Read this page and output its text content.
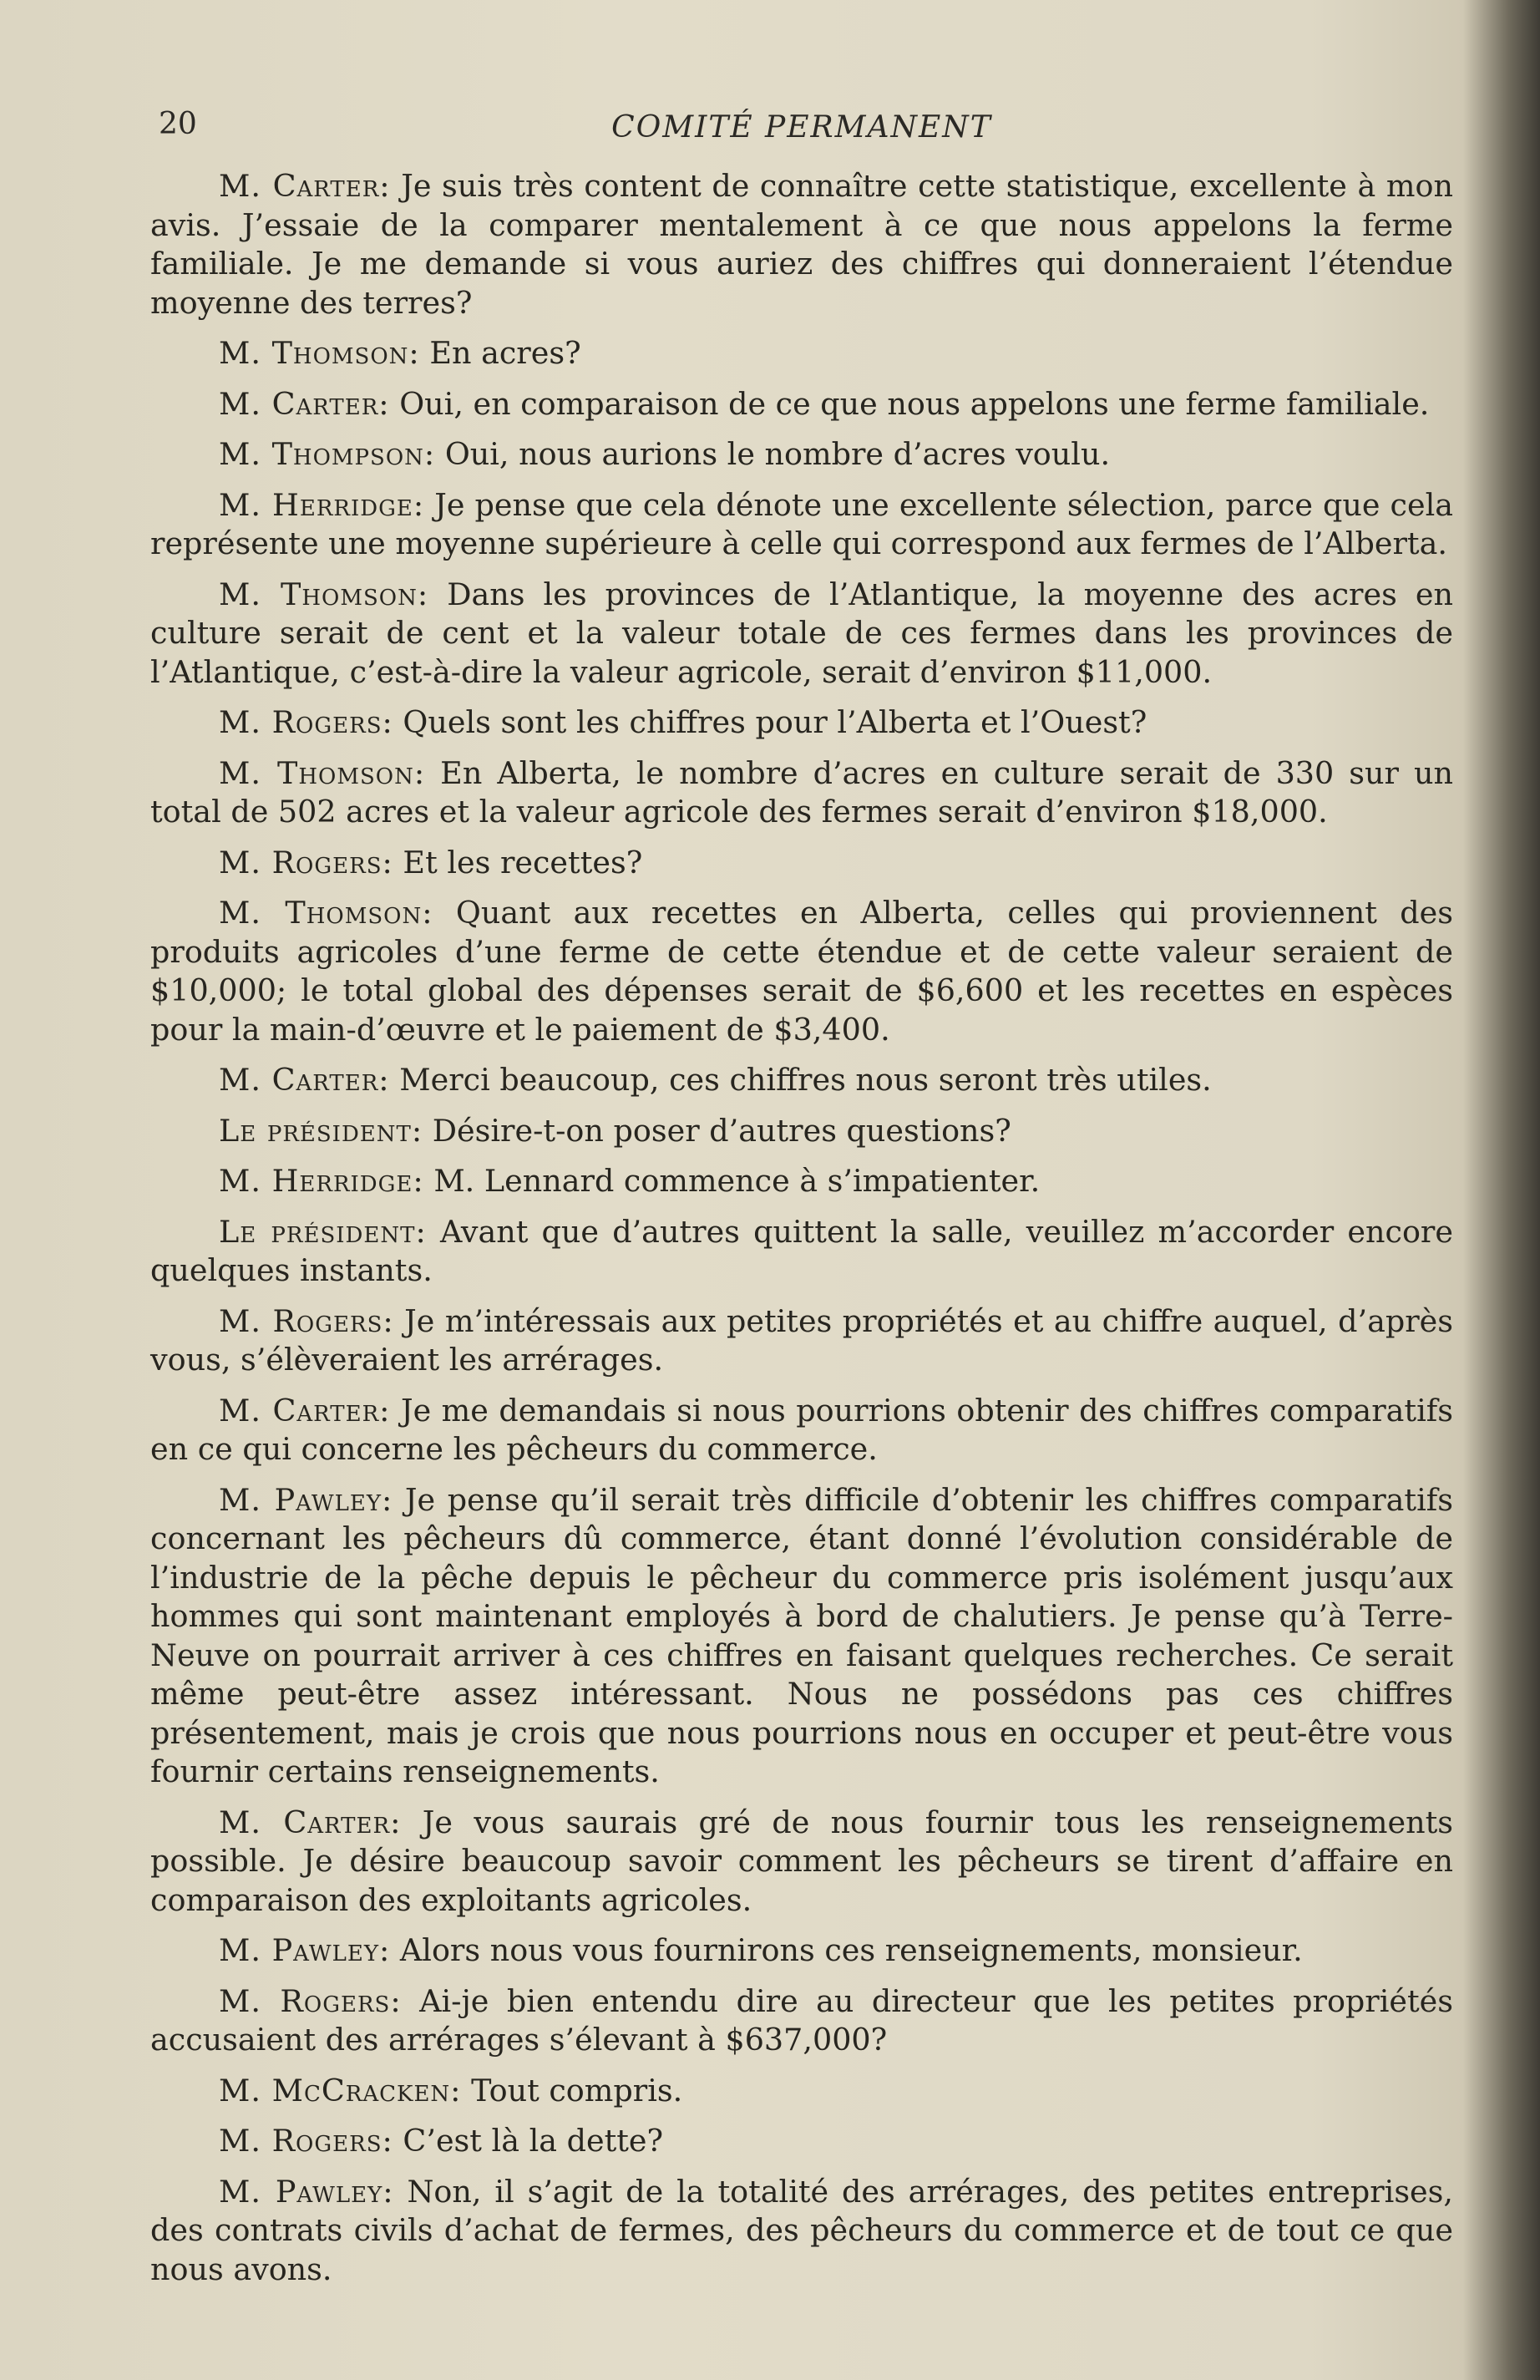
20	COMITÉ PERMANENT

M. Carter: Je suis très content de connaître cette statistique, excellente à mon avis. J’essaie de la comparer mentalement à ce que nous appelons la ferme familiale. Je me demande si vous auriez des chiffres qui donneraient l’étendue moyenne des terres?

M. Thomson: En acres?

M. Carter: Oui, en comparaison de ce que nous appelons une ferme familiale.

M. Thompson: Oui, nous aurions le nombre d’acres voulu.

M. Herridge: Je pense que cela dénote une excellente sélection, parce que cela représente une moyenne supérieure à celle qui correspond aux fermes de l’Alberta.

M. Thomson: Dans les provinces de l’Atlantique, la moyenne des acres en culture serait de cent et la valeur totale de ces fermes dans les provinces de l’Atlantique, c’est-à-dire la valeur agricole, serait d’environ $11,000.

M. Rogers: Quels sont les chiffres pour l’Alberta et l’Ouest?

M. Thomson: En Alberta, le nombre d’acres en culture serait de 330 sur un total de 502 acres et la valeur agricole des fermes serait d’environ $18,000.

M. Rogers: Et les recettes?

M. Thomson: Quant aux recettes en Alberta, celles qui proviennent des produits agricoles d’une ferme de cette étendue et de cette valeur seraient de $10,000; le total global des dépenses serait de $6,600 et les recettes en espèces pour la main-d’œuvre et le paiement de $3,400.

M. Carter: Merci beaucoup, ces chiffres nous seront très utiles.

Le président: Désire-t-on poser d’autres questions?

M. Herridge: M. Lennard commence à s’impatienter.

Le président: Avant que d’autres quittent la salle, veuillez m’accorder encore quelques instants.

M. Rogers: Je m’intéressais aux petites propriétés et au chiffre auquel, d’après vous, s’élèveraient les arrérages.

M. Carter: Je me demandais si nous pourrions obtenir des chiffres comparatifs en ce qui concerne les pêcheurs du commerce.

M. Pawley: Je pense qu’il serait très difficile d’obtenir les chiffres comparatifs concernant les pêcheurs dû commerce, étant donné l’évolution considérable de l’industrie de la pêche depuis le pêcheur du commerce pris isolément jusqu’aux hommes qui sont maintenant employés à bord de chalutiers. Je pense qu’à Terre-Neuve on pourrait arriver à ces chiffres en faisant quelques recherches. Ce serait même peut-être assez intéressant. Nous ne possédons pas ces chiffres présentement, mais je crois que nous pourrions nous en occuper et peut-être vous fournir certains renseignements.

M. Carter: Je vous saurais gré de nous fournir tous les renseignements possible. Je désire beaucoup savoir comment les pêcheurs se tirent d’affaire en comparaison des exploitants agricoles.

M. Pawley: Alors nous vous fournirons ces renseignements, monsieur.

M. Rogers: Ai-je bien entendu dire au directeur que les petites propriétés accusaient des arrérages s’élevant à $637,000?

M. McCracken: Tout compris.

M. Rogers: C’est là la dette?

M. Pawley: Non, il s’agit de la totalité des arrérages, des petites entreprises, des contrats civils d’achat de fermes, des pêcheurs du commerce et de tout ce que nous avons.
